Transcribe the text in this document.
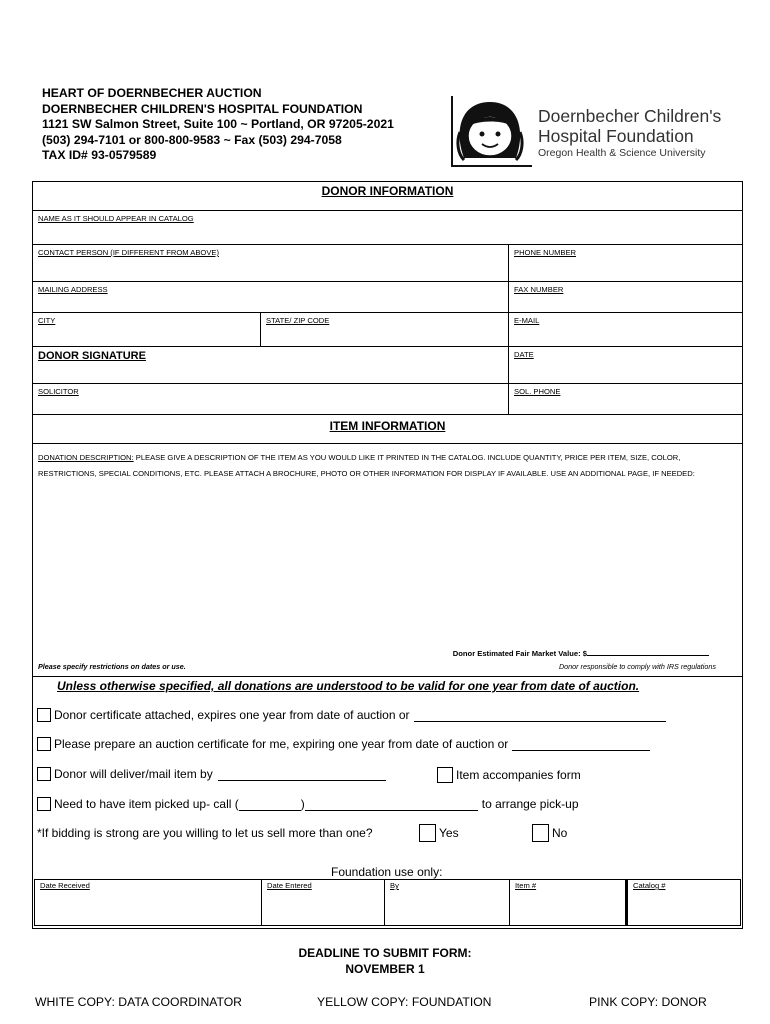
HEART OF DOERNBECHER AUCTION
DOERNBECHER CHILDREN'S HOSPITAL FOUNDATION
1121 SW Salmon Street, Suite 100 ~ Portland, OR 97205-2021
(503) 294-7101 or 800-800-9583 ~ Fax (503) 294-7058
TAX ID# 93-0579589
Doernbecher Children's
Hospital Foundation
Oregon Health & Science University
DONOR INFORMATION
NAME AS IT SHOULD APPEAR IN CATALOG
CONTACT PERSON (IF DIFFERENT FROM ABOVE)	PHONE NUMBER
MAILING ADDRESS	FAX NUMBER
CITY	STATE/ ZIP CODE	E-MAIL
DONOR SIGNATURE	DATE
SOLICITOR	SOL. PHONE
ITEM INFORMATION
DONATION DESCRIPTION: PLEASE GIVE A DESCRIPTION OF THE ITEM AS YOU WOULD LIKE IT PRINTED IN THE CATALOG. INCLUDE QUANTITY, PRICE PER ITEM, SIZE, COLOR, RESTRICTIONS, SPECIAL CONDITIONS, ETC. PLEASE ATTACH A BROCHURE, PHOTO OR OTHER INFORMATION FOR DISPLAY IF AVAILABLE. USE AN ADDITIONAL PAGE, IF NEEDED:
Donor Estimated Fair Market Value: $
Please specify restrictions on dates or use.	Donor responsible to comply with IRS regulations
Unless otherwise specified, all donations are understood to be valid for one year from date of auction.
Donor certificate attached, expires one year from date of auction or
Please prepare an auction certificate for me, expiring one year from date of auction or
Donor will deliver/mail item by	Item accompanies form
Need to have item picked up- call (	)	to arrange pick-up
*If bidding is strong are you willing to let us sell more than one?	Yes	No
Foundation use only:
Date Received	Date Entered	By	Item #	Catalog #
DEADLINE TO SUBMIT FORM:
NOVEMBER 1
WHITE COPY: DATA COORDINATOR	YELLOW COPY: FOUNDATION	PINK COPY: DONOR
